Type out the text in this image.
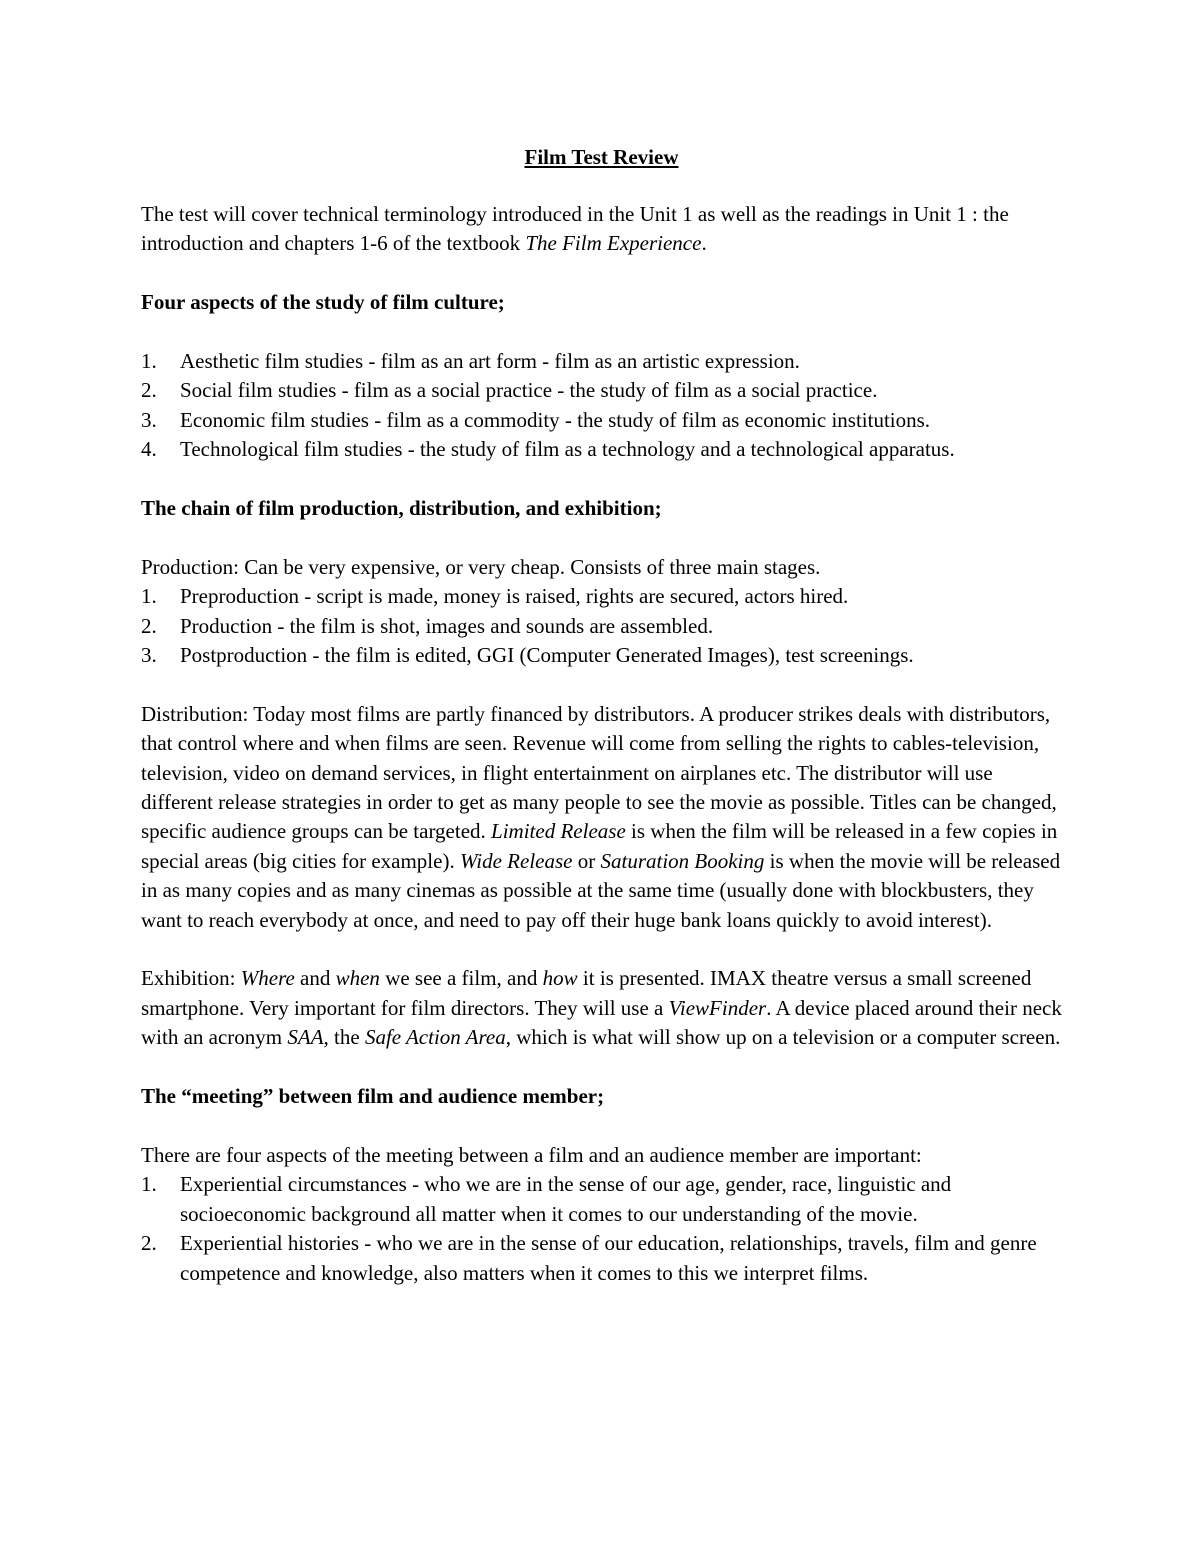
Film Test Review

The test will cover technical terminology introduced in the Unit 1 as well as the readings in Unit 1 : the introduction and chapters 1-6 of the textbook The Film Experience.

Four aspects of the study of film culture;

1. Aesthetic film studies - film as an art form - film as an artistic expression.
2. Social film studies - film as a social practice - the study of film as a social practice.
3. Economic film studies - film as a commodity - the study of film as economic institutions.
4. Technological film studies - the study of film as a technology and a technological apparatus.

The chain of film production, distribution, and exhibition;

Production: Can be very expensive, or very cheap. Consists of three main stages.

1. Preproduction - script is made, money is raised, rights are secured, actors hired.
2. Production - the film is shot, images and sounds are assembled.
3. Postproduction - the film is edited, GGI (Computer Generated Images), test screenings.

Distribution: Today most films are partly financed by distributors. A producer strikes deals with distributors, that control where and when films are seen. Revenue will come from selling the rights to cables-television, television, video on demand services, in flight entertainment on airplanes etc. The distributor will use different release strategies in order to get as many people to see the movie as possible. Titles can be changed, specific audience groups can be targeted. Limited Release is when the film will be released in a few copies in special areas (big cities for example). Wide Release or Saturation Booking is when the movie will be released in as many copies and as many cinemas as possible at the same time (usually done with blockbusters, they want to reach everybody at once, and need to pay off their huge bank loans quickly to avoid interest).

Exhibition: Where and when we see a film, and how it is presented. IMAX theatre versus a small screened smartphone. Very important for film directors. They will use a ViewFinder. A device placed around their neck with an acronym SAA, the Safe Action Area, which is what will show up on a television or a computer screen.

The “meeting” between film and audience member;

There are four aspects of the meeting between a film and an audience member are important:

1. Experiential circumstances - who we are in the sense of our age, gender, race, linguistic and socioeconomic background all matter when it comes to our understanding of the movie.
2. Experiential histories - who we are in the sense of our education, relationships, travels, film and genre competence and knowledge, also matters when it comes to this we interpret films.
